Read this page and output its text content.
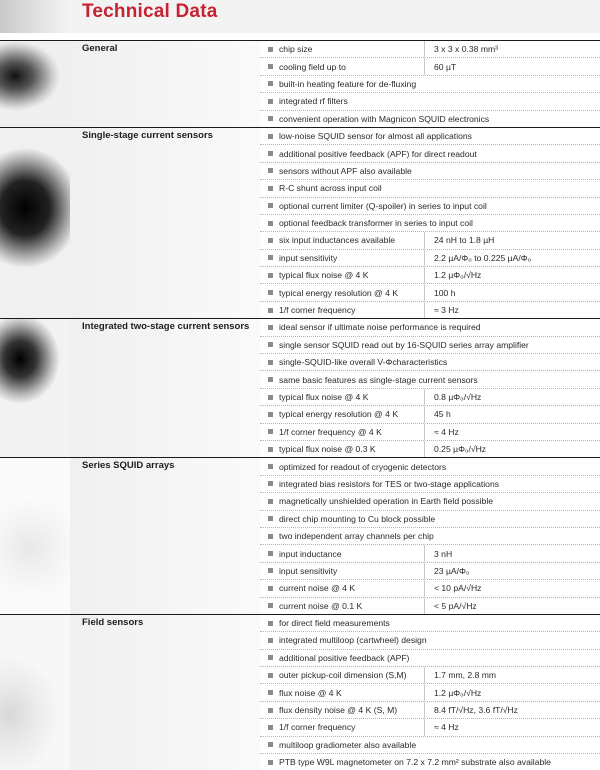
Technical Data
General	chip size	3 x 3 x 0.38 mm³
cooling field up to	60 µT
built-in heating feature for de-fluxing
integrated rf filters
convenient operation with Magnicon SQUID electronics
Single-stage current sensors	low-noise SQUID sensor for almost all applications
additional positive feedback (APF) for direct readout
sensors without APF also available
R-C shunt across input coil
optional current limiter (Q-spoiler) in series to input coil
optional feedback transformer in series to input coil
six input inductances available	24 nH to 1.8 µH
input sensitivity	2.2 µA/Φ₀ to 0.225 µA/Φ₀
typical flux noise @ 4 K	1.2 µΦ₀/√Hz
typical energy resolution @ 4 K	100 h
1/f corner frequency	≈ 3 Hz
Integrated two-stage current sensors	ideal sensor if ultimate noise performance is required
single sensor SQUID read out by 16-SQUID series array amplifier
single-SQUID-like overall V-Φcharacteristics
same basic features as single-stage current sensors
typical flux noise @ 4 K	0.8 µΦ₀/√Hz
typical energy resolution @ 4 K	45 h
1/f corner frequency @ 4 K	≈ 4 Hz
typical flux noise @ 0.3 K	0.25 µΦ₀/√Hz
Series SQUID arrays	optimized for readout of cryogenic detectors
integrated bias resistors for TES or two-stage applications
magnetically unshielded operation in Earth field possible
direct chip mounting to Cu block possible
two independent array channels per chip
input inductance	3 nH
input sensitivity	23 µA/Φ₀
current noise @ 4 K	< 10 pA/√Hz
current noise @ 0.1 K	< 5 pA/√Hz
Field sensors	for direct field measurements
integrated multiloop (cartwheel) design
additional positive feedback (APF)
outer pickup-coil dimension (S,M)	1.7 mm, 2.8 mm
flux noise @ 4 K	1.2 µΦ₀/√Hz
flux density noise @ 4 K (S, M)	8.4 fT/√Hz, 3.6 fT/√Hz
1/f corner frequency	≈ 4 Hz
multiloop gradiometer also available
PTB type W9L magnetometer on 7.2 x 7.2 mm² substrate also available
